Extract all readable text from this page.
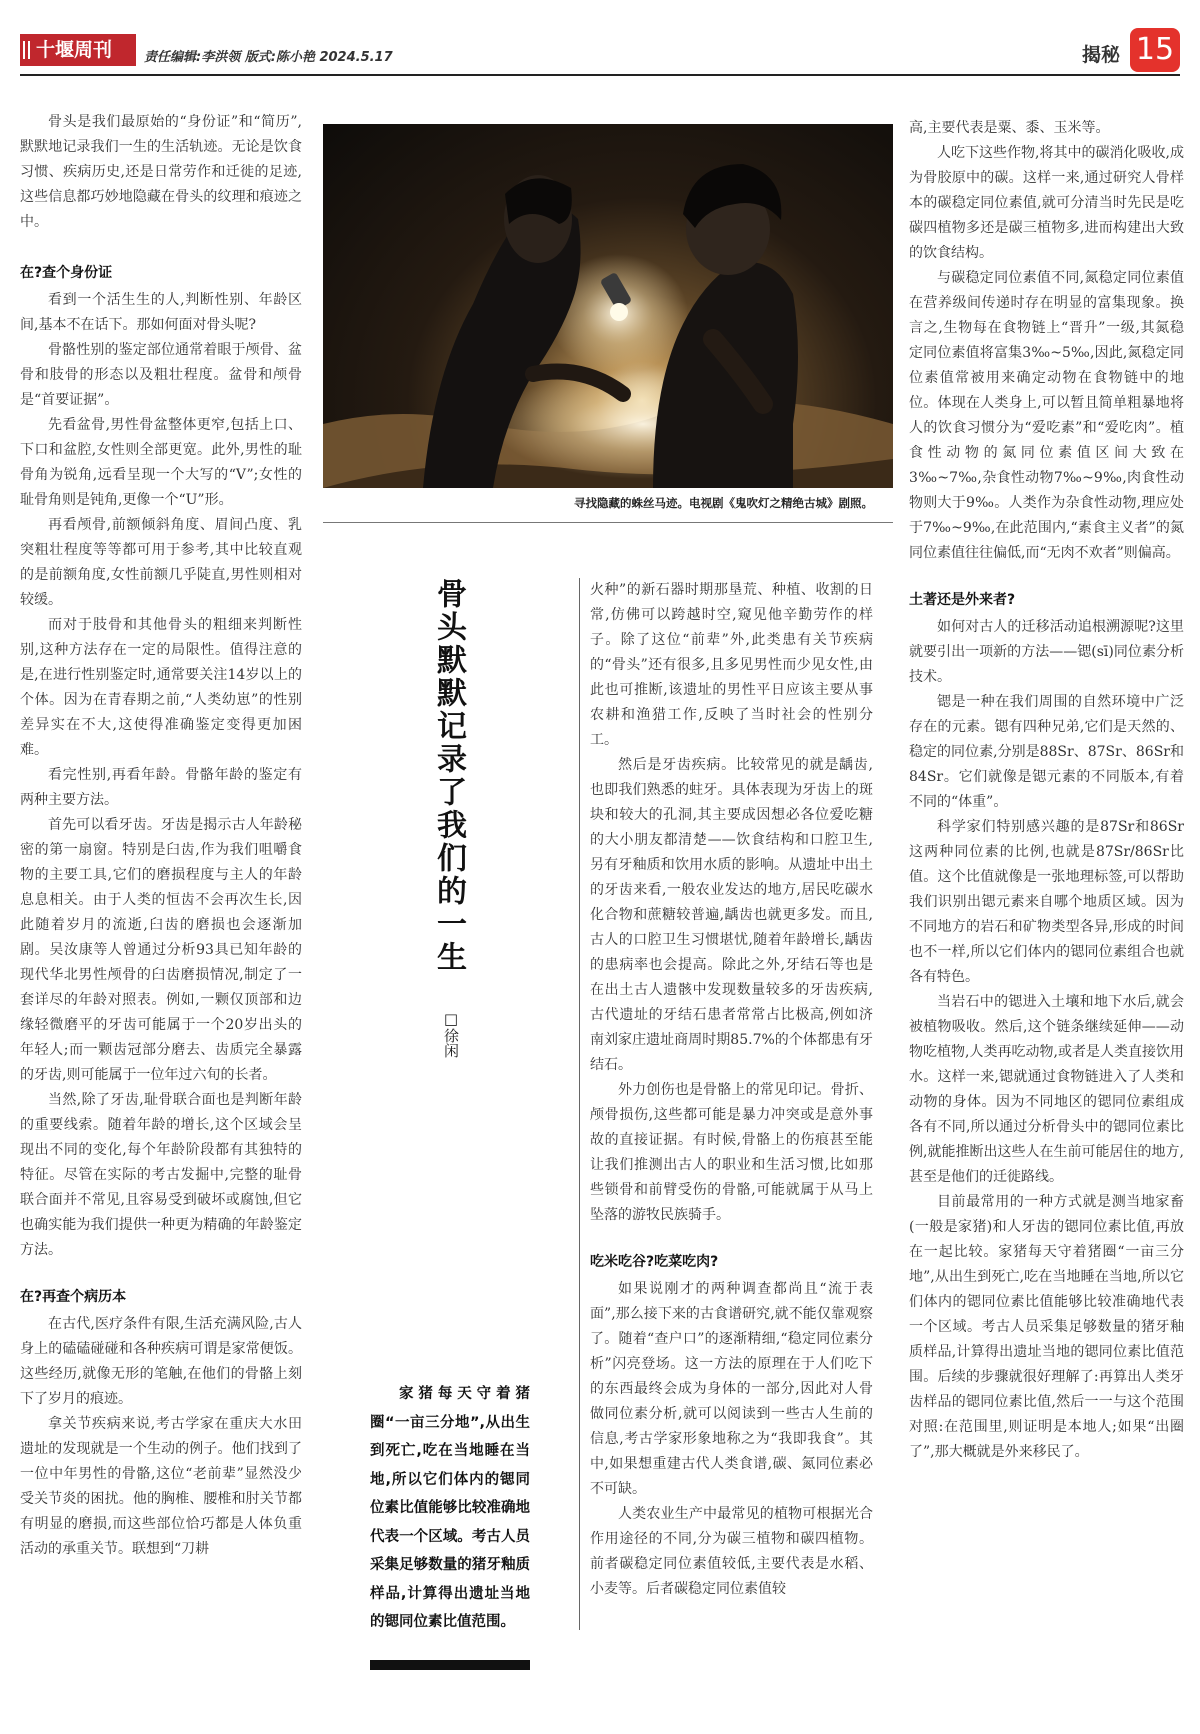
十堰周刊	责任编辑:李洪领 版式:陈小艳 2024.5.17	揭秘 15

骨头是我们最原始的“身份证”和“简历”,默默地记录我们一生的生活轨迹。无论是饮食习惯、疾病历史,还是日常劳作和迁徙的足迹,这些信息都巧妙地隐藏在骨头的纹理和痕迹之中。

在?查个身份证

看到一个活生生的人,判断性别、年龄区间,基本不在话下。那如何面对骨头呢?

骨骼性别的鉴定部位通常着眼于颅骨、盆骨和肢骨的形态以及粗壮程度。盆骨和颅骨是“首要证据”。

先看盆骨,男性骨盆整体更窄,包括上口、下口和盆腔,女性则全部更宽。此外,男性的耻骨角为锐角,远看呈现一个大写的“V”;女性的耻骨角则是钝角,更像一个“U”形。

再看颅骨,前额倾斜角度、眉间凸度、乳突粗壮程度等等都可用于参考,其中比较直观的是前额角度,女性前额几乎陡直,男性则相对较缓。

而对于肢骨和其他骨头的粗细来判断性别,这种方法存在一定的局限性。值得注意的是,在进行性别鉴定时,通常要关注14岁以上的个体。因为在青春期之前,“人类幼崽”的性别差异实在不大,这使得准确鉴定变得更加困难。

看完性别,再看年龄。骨骼年龄的鉴定有两种主要方法。

首先可以看牙齿。牙齿是揭示古人年龄秘密的第一扇窗。特别是臼齿,作为我们咀嚼食物的主要工具,它们的磨损程度与主人的年龄息息相关。由于人类的恒齿不会再次生长,因此随着岁月的流逝,臼齿的磨损也会逐渐加剧。吴汝康等人曾通过分析93具已知年龄的现代华北男性颅骨的臼齿磨损情况,制定了一套详尽的年龄对照表。例如,一颗仅顶部和边缘轻微磨平的牙齿可能属于一个20岁出头的年轻人;而一颗齿冠部分磨去、齿质完全暴露的牙齿,则可能属于一位年过六旬的长者。

当然,除了牙齿,耻骨联合面也是判断年龄的重要线索。随着年龄的增长,这个区域会呈现出不同的变化,每个年龄阶段都有其独特的特征。尽管在实际的考古发掘中,完整的耻骨联合面并不常见,且容易受到破坏或腐蚀,但它也确实能为我们提供一种更为精确的年龄鉴定方法。

在?再查个病历本

在古代,医疗条件有限,生活充满风险,古人身上的磕磕碰碰和各种疾病可谓是家常便饭。这些经历,就像无形的笔触,在他们的骨骼上刻下了岁月的痕迹。

拿关节疾病来说,考古学家在重庆大水田遗址的发现就是一个生动的例子。他们找到了一位中年男性的骨骼,这位“老前辈”显然没少受关节炎的困扰。他的胸椎、腰椎和肘关节都有明显的磨损,而这些部位恰巧都是人体负重活动的承重关节。联想到“刀耕

寻找隐藏的蛛丝马迹。电视剧《鬼吹灯之精绝古城》剧照。
骨头默默记录了我们的一生
□徐闲

家猪每天守着猪圈“一亩三分地”,从出生到死亡,吃在当地睡在当地,所以它们体内的锶同位素比值能够比较准确地代表一个区域。考古人员采集足够数量的猪牙釉质样品,计算得出遗址当地的锶同位素比值范围。

火种”的新石器时期那垦荒、种植、收割的日常,仿佛可以跨越时空,窥见他辛勤劳作的样子。除了这位“前辈”外,此类患有关节疾病的“骨头”还有很多,且多见男性而少见女性,由此也可推断,该遗址的男性平日应该主要从事农耕和渔猎工作,反映了当时社会的性别分工。

然后是牙齿疾病。比较常见的就是龋齿,也即我们熟悉的蛀牙。具体表现为牙齿上的斑块和较大的孔洞,其主要成因想必各位爱吃糖的大小朋友都清楚——饮食结构和口腔卫生,另有牙釉质和饮用水质的影响。从遗址中出土的牙齿来看,一般农业发达的地方,居民吃碳水化合物和蔗糖较普遍,龋齿也就更多发。而且,古人的口腔卫生习惯堪忧,随着年龄增长,龋齿的患病率也会提高。除此之外,牙结石等也是在出土古人遗骸中发现数量较多的牙齿疾病,古代遗址的牙结石患者常常占比极高,例如济南刘家庄遗址商周时期85.7%的个体都患有牙结石。

外力创伤也是骨骼上的常见印记。骨折、颅骨损伤,这些都可能是暴力冲突或是意外事故的直接证据。有时候,骨骼上的伤痕甚至能让我们推测出古人的职业和生活习惯,比如那些锁骨和前臂受伤的骨骼,可能就属于从马上坠落的游牧民族骑手。

吃米吃谷?吃菜吃肉?

如果说刚才的两种调查都尚且“流于表面”,那么接下来的古食谱研究,就不能仅靠观察了。随着“查户口”的逐渐精细,“稳定同位素分析”闪亮登场。这一方法的原理在于人们吃下的东西最终会成为身体的一部分,因此对人骨做同位素分析,就可以阅读到一些古人生前的信息,考古学家形象地称之为“我即我食”。其中,如果想重建古代人类食谱,碳、氮同位素必不可缺。

人类农业生产中最常见的植物可根据光合作用途径的不同,分为碳三植物和碳四植物。前者碳稳定同位素值较低,主要代表是水稻、小麦等。后者碳稳定同位素值较

高,主要代表是粟、黍、玉米等。

人吃下这些作物,将其中的碳消化吸收,成为骨胶原中的碳。这样一来,通过研究人骨样本的碳稳定同位素值,就可分清当时先民是吃碳四植物多还是碳三植物多,进而构建出大致的饮食结构。

与碳稳定同位素值不同,氮稳定同位素值在营养级间传递时存在明显的富集现象。换言之,生物每在食物链上“晋升”一级,其氮稳定同位素值将富集3‰~5‰,因此,氮稳定同位素值常被用来确定动物在食物链中的地位。体现在人类身上,可以暂且简单粗暴地将人的饮食习惯分为“爱吃素”和“爱吃肉”。植食性动物的氮同位素值区间大致在3‰~7‰,杂食性动物7‰~9‰,肉食性动物则大于9‰。人类作为杂食性动物,理应处于7‰~9‰,在此范围内,“素食主义者”的氮同位素值往往偏低,而“无肉不欢者”则偏高。

土著还是外来者?

如何对古人的迁移活动追根溯源呢?这里就要引出一项新的方法——锶(sī)同位素分析技术。

锶是一种在我们周围的自然环境中广泛存在的元素。锶有四种兄弟,它们是天然的、稳定的同位素,分别是88Sr、87Sr、86Sr和84Sr。它们就像是锶元素的不同版本,有着不同的“体重”。

科学家们特别感兴趣的是87Sr和86Sr这两种同位素的比例,也就是87Sr/86Sr比值。这个比值就像是一张地理标签,可以帮助我们识别出锶元素来自哪个地质区域。因为不同地方的岩石和矿物类型各异,形成的时间也不一样,所以它们体内的锶同位素组合也就各有特色。

当岩石中的锶进入土壤和地下水后,就会被植物吸收。然后,这个链条继续延伸——动物吃植物,人类再吃动物,或者是人类直接饮用水。这样一来,锶就通过食物链进入了人类和动物的身体。因为不同地区的锶同位素组成各有不同,所以通过分析骨头中的锶同位素比例,就能推断出这些人在生前可能居住的地方,甚至是他们的迁徙路线。

目前最常用的一种方式就是测当地家畜(一般是家猪)和人牙齿的锶同位素比值,再放在一起比较。家猪每天守着猪圈“一亩三分地”,从出生到死亡,吃在当地睡在当地,所以它们体内的锶同位素比值能够比较准确地代表一个区域。考古人员采集足够数量的猪牙釉质样品,计算得出遗址当地的锶同位素比值范围。后续的步骤就很好理解了:再算出人类牙齿样品的锶同位素比值,然后一一与这个范围对照:在范围里,则证明是本地人;如果“出圈了”,那大概就是外来移民了。
